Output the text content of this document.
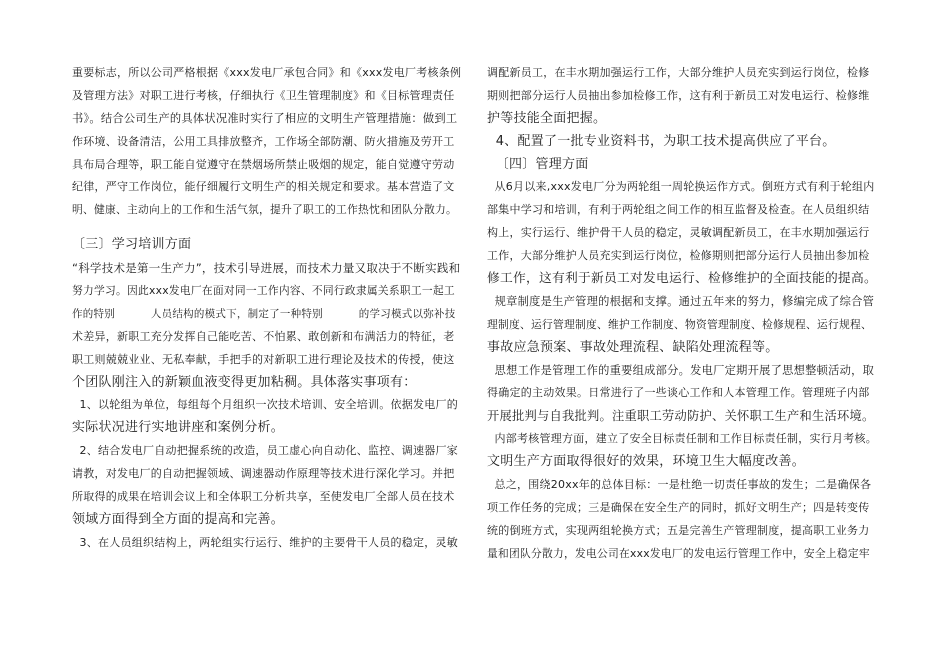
重要标志，所以公司严格根据《xxx发电厂承包合同》和《xxx发电厂考核条例
及管理方法》对职工进行考核，仔细执行《卫生管理制度》和《目标管理责任
书》。结合公司生产的具体状况准时实行了相应的文明生产管理措施：做到工
作环境、设备清洁，公用工具排放整齐，工作场全部防潮、防火措施及劳开工
具布局合理等，职工能自觉遵守在禁烟场所禁止吸烟的规定，能自觉遵守劳动
纪律，严守工作岗位，能仔细履行文明生产的相关规定和要求。基本营造了文
明、健康、主动向上的工作和生活气氛，提升了职工的工作热忱和团队分散力。
〔三〕学习培训方面
“科学技术是第一生产力”，技术引导进展，而技术力量又取决于不断实践和
努力学习。因此xxx发电厂在面对同一工作内容、不同行政隶属关系职工一起工
作的特别          人员结构的模式下，制定了一种特别          的学习模式以弥补技
术差异，新职工充分发挥自己能吃苦、不怕累、敢创新和布满活力的特征，老
职工则兢兢业业、无私奉献，手把手的对新职工进行理论及技术的传授，使这
个团队刚注入的新颖血液变得更加粘稠。具体落实事项有：
1、以轮组为单位，每组每个月组织一次技术培训、安全培训。依据发电厂的
实际状况进行实地讲座和案例分析。
2、结合发电厂自动把握系统的改造，员工虚心向自动化、监控、调速器厂家
请教，对发电厂的自动把握领域、调速器动作原理等技术进行深化学习。并把
所取得的成果在培训会议上和全体职工分析共享，至使发电厂全部人员在技术
领域方面得到全方面的提高和完善。
3、在人员组织结构上，两轮组实行运行、维护的主要骨干人员的稳定，灵敏
调配新员工，在丰水期加强运行工作，大部分维护人员充实到运行岗位，检修
期则把部分运行人员抽出参加检修工作，这有利于新员工对发电运行、检修维
护等技能全面把握。
4、配置了一批专业资料书，为职工技术提高供应了平台。
〔四〕管理方面
从6月以来,xxx发电厂分为两轮组一周轮换运作方式。倒班方式有利于轮组内
部集中学习和培训，有利于两轮组之间工作的相互监督及检查。在人员组织结
构上，实行运行、维护骨干人员的稳定，灵敏调配新员工，在丰水期加强运行
工作，大部分维护人员充实到运行岗位，检修期则把部分运行人员抽出参加检
修工作，这有利于新员工对发电运行、检修维护的全面技能的提高。
规章制度是生产管理的根据和支撑。通过五年来的努力，修编完成了综合管
理制度、运行管理制度、维护工作制度、物资管理制度、检修规程、运行规程、
事故应急预案、事故处理流程、缺陷处理流程等。
思想工作是管理工作的重要组成部分。发电厂定期开展了思想整顿活动，取
得确定的主动效果。日常进行了一些谈心工作和人本管理工作。管理班子内部
开展批判与自我批判。注重职工劳动防护、关怀职工生产和生活环境。
内部考核管理方面，建立了安全目标责任制和工作目标责任制，实行月考核。
文明生产方面取得很好的效果，环境卫生大幅度改善。
总之，围绕20xx年的总体目标：一是杜绝一切责任事故的发生；二是确保各
项工作任务的完成；三是确保在安全生产的同时，抓好文明生产；四是转变传
统的倒班方式，实现两组轮换方式；五是完善生产管理制度，提高职工业务力
量和团队分散力，发电公司在xxx发电厂的发电运行管理工作中，安全上稳定牢
